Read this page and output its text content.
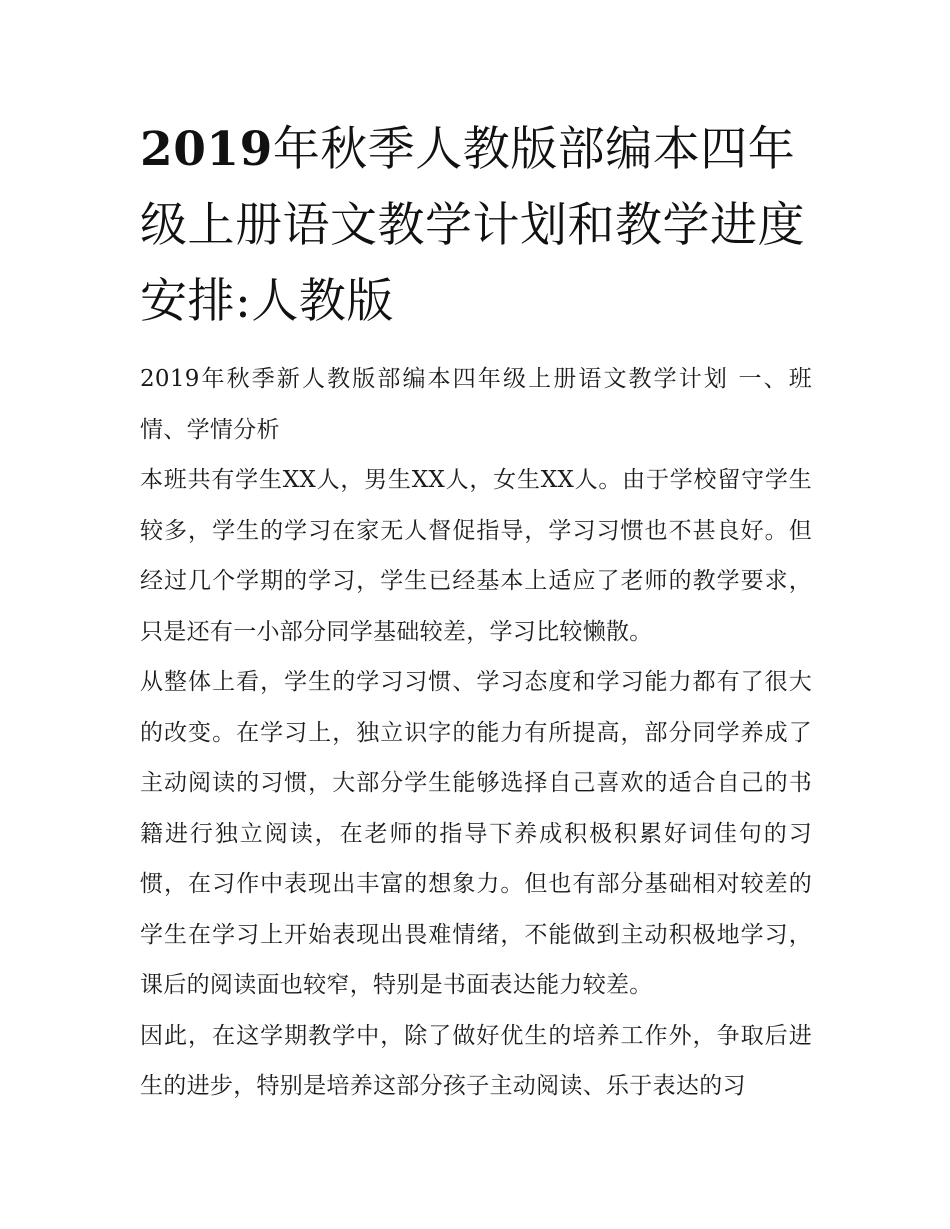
2019年秋季人教版部编本四年级上册语文教学计划和教学进度安排:人教版

2019年秋季新人教版部编本四年级上册语文教学计划 一、班情、学情分析

本班共有学生XX人，男生XX人，女生XX人。由于学校留守学生较多，学生的学习在家无人督促指导，学习习惯也不甚良好。但经过几个学期的学习，学生已经基本上适应了老师的教学要求，只是还有一小部分同学基础较差，学习比较懒散。

从整体上看，学生的学习习惯、学习态度和学习能力都有了很大的改变。在学习上，独立识字的能力有所提高，部分同学养成了主动阅读的习惯，大部分学生能够选择自己喜欢的适合自己的书籍进行独立阅读，在老师的指导下养成积极积累好词佳句的习惯，在习作中表现出丰富的想象力。但也有部分基础相对较差的学生在学习上开始表现出畏难情绪，不能做到主动积极地学习，课后的阅读面也较窄，特别是书面表达能力较差。

因此，在这学期教学中，除了做好优生的培养工作外，争取后进生的进步，特别是培养这部分孩子主动阅读、乐于表达的习
